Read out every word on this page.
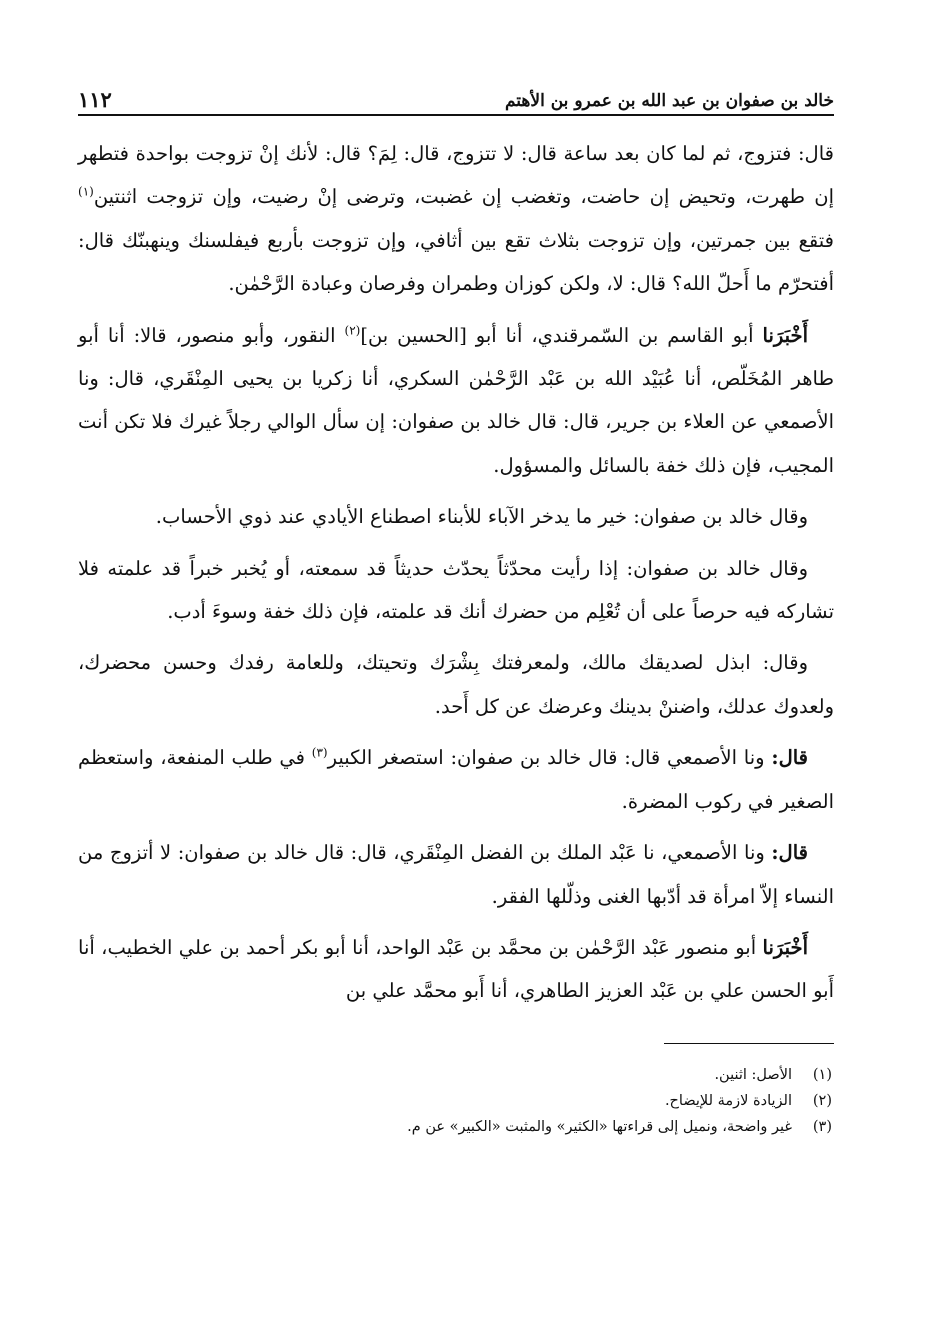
خالد بن صفوان بن عبد الله بن عمرو بن الأهتم
١١٢

قال: فتزوج، ثم لما كان بعد ساعة قال: لا تتزوج، قال: لِمَ؟ قال: لأنك إنْ تزوجت بواحدة فتطهر إن طهرت، وتحيض إن حاضت، وتغضب إن غضبت، وترضى إنْ رضيت، وإن تزوجت اثنتين$^{(١)}$ فتقع بين جمرتين، وإن تزوجت بثلاث تقع بين أثافي، وإن تزوجت بأربع فيفلسنك وينهبنّك قال: أفتحرّم ما أَحلّ الله؟ قال: لا، ولكن كوزان وطمران وفرصان وعبادة الرَّحْمٰن.

أَخْبَرَنا أبو القاسم بن السّمرقندي، أنا أبو [الحسين بن]$^{(٢)}$ النقور، وأبو منصور، قالا: أنا أبو طاهر المُخَلّص، أنا عُبَيْد الله بن عَبْد الرَّحْمٰن السكري، أنا زكريا بن يحيى المِنْقَري، قال: ونا الأصمعي عن العلاء بن جرير، قال: قال خالد بن صفوان: إن سأل الوالي رجلاً غيرك فلا تكن أنت المجيب، فإن ذلك خفة بالسائل والمسؤول.

وقال خالد بن صفوان: خير ما يدخر الآباء للأبناء اصطناع الأيادي عند ذوي الأحساب.

وقال خالد بن صفوان: إذا رأيت محدّثاً يحدّث حديثاً قد سمعته، أو يُخبر خبراً قد علمته فلا تشاركه فيه حرصاً على أن تُعْلِم من حضرك أنك قد علمته، فإن ذلك خفة وسوءَ أدب.

وقال: ابذل لصديقك مالك، ولمعرفتك بِشْرَك وتحيتك، وللعامة رفدك وحسن محضرك، ولعدوك عدلك، واضننْ بدينك وعرضك عن كل أَحد.

قال: ونا الأصمعي قال: قال خالد بن صفوان: استصغر الكبير$^{(٣)}$ في طلب المنفعة، واستعظم الصغير في ركوب المضرة.

قال: ونا الأصمعي، نا عَبْد الملك بن الفضل المِنْقَري، قال: قال خالد بن صفوان: لا أتزوج من النساء إلاّ امرأة قد أدّبها الغنى وذلّلها الفقر.

أَخْبَرَنا أبو منصور عَبْد الرَّحْمٰن بن محمَّد بن عَبْد الواحد، أنا أبو بكر أحمد بن علي الخطيب، أنا أَبو الحسن علي بن عَبْد العزيز الطاهري، أنا أَبو محمَّد علي بن

(١)
الأصل: اثنين.
(٢)
الزيادة لازمة للإيضاح.
(٣)
غير واضحة، ونميل إلى قراءتها «الكثير» والمثبت «الكبير» عن م.
